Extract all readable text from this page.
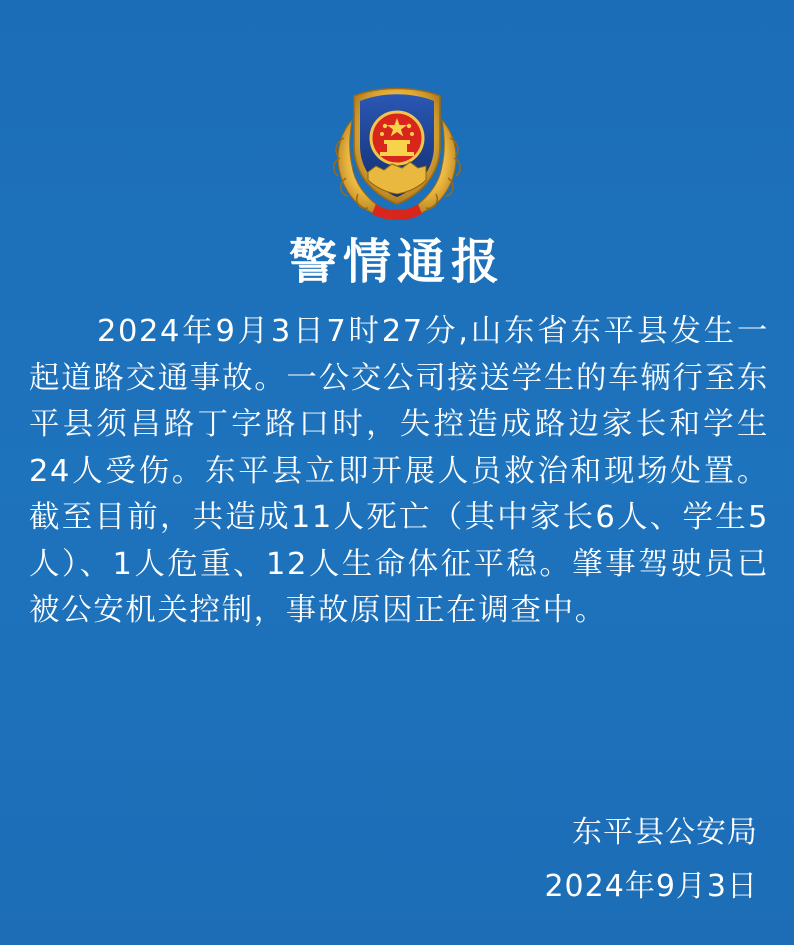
警情通报

2024年9月3日7时27分,山东省东平县发生一起道路交通事故。一公交公司接送学生的车辆行至东平县须昌路丁字路口时，失控造成路边家长和学生24人受伤。东平县立即开展人员救治和现场处置。截至目前，共造成11人死亡（其中家长6人、学生5人）、1人危重、12人生命体征平稳。肇事驾驶员已被公安机关控制，事故原因正在调查中。

东平县公安局
2024年9月3日
